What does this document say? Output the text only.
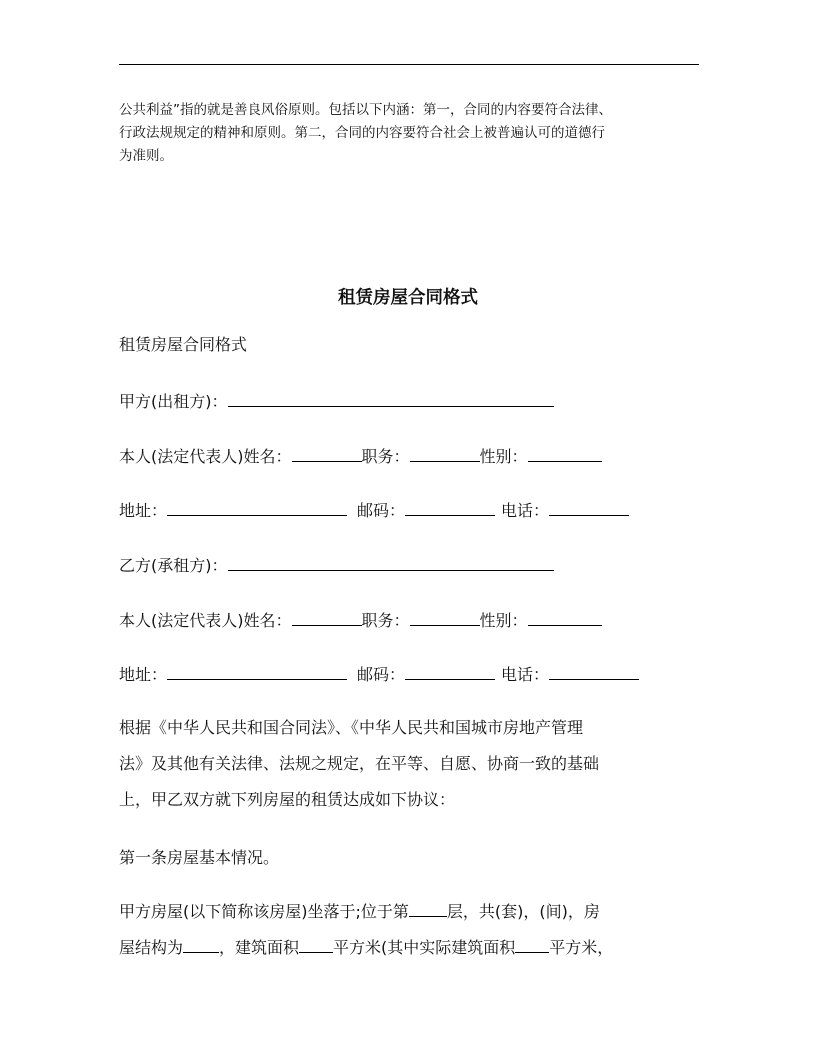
公共利益”指的就是善良风俗原则。包括以下内涵：第一，合同的内容要符合法律、
行政法规规定的精神和原则。第二，合同的内容要符合社会上被普遍认可的道德行
为准则。
租赁房屋合同格式
租赁房屋合同格式
甲方(出租方)：
本人(法定代表人)姓名：	职务：	性别：
地址：	邮码：	电话：
乙方(承租方)：
本人(法定代表人)姓名：	职务：	性别：
地址：	邮码：	电话：

根据《中华人民共和国合同法》、《中华人民共和国城市房地产管理

法》及其他有关法律、法规之规定，在平等、自愿、协商一致的基础

上，甲乙双方就下列房屋的租赁达成如下协议：

第一条房屋基本情况。

甲方房屋(以下简称该房屋)坐落于;位于第 层，共(套)，(间)，房

屋结构为 ，建筑面积 平方米(其中实际建筑面积 平方米，
